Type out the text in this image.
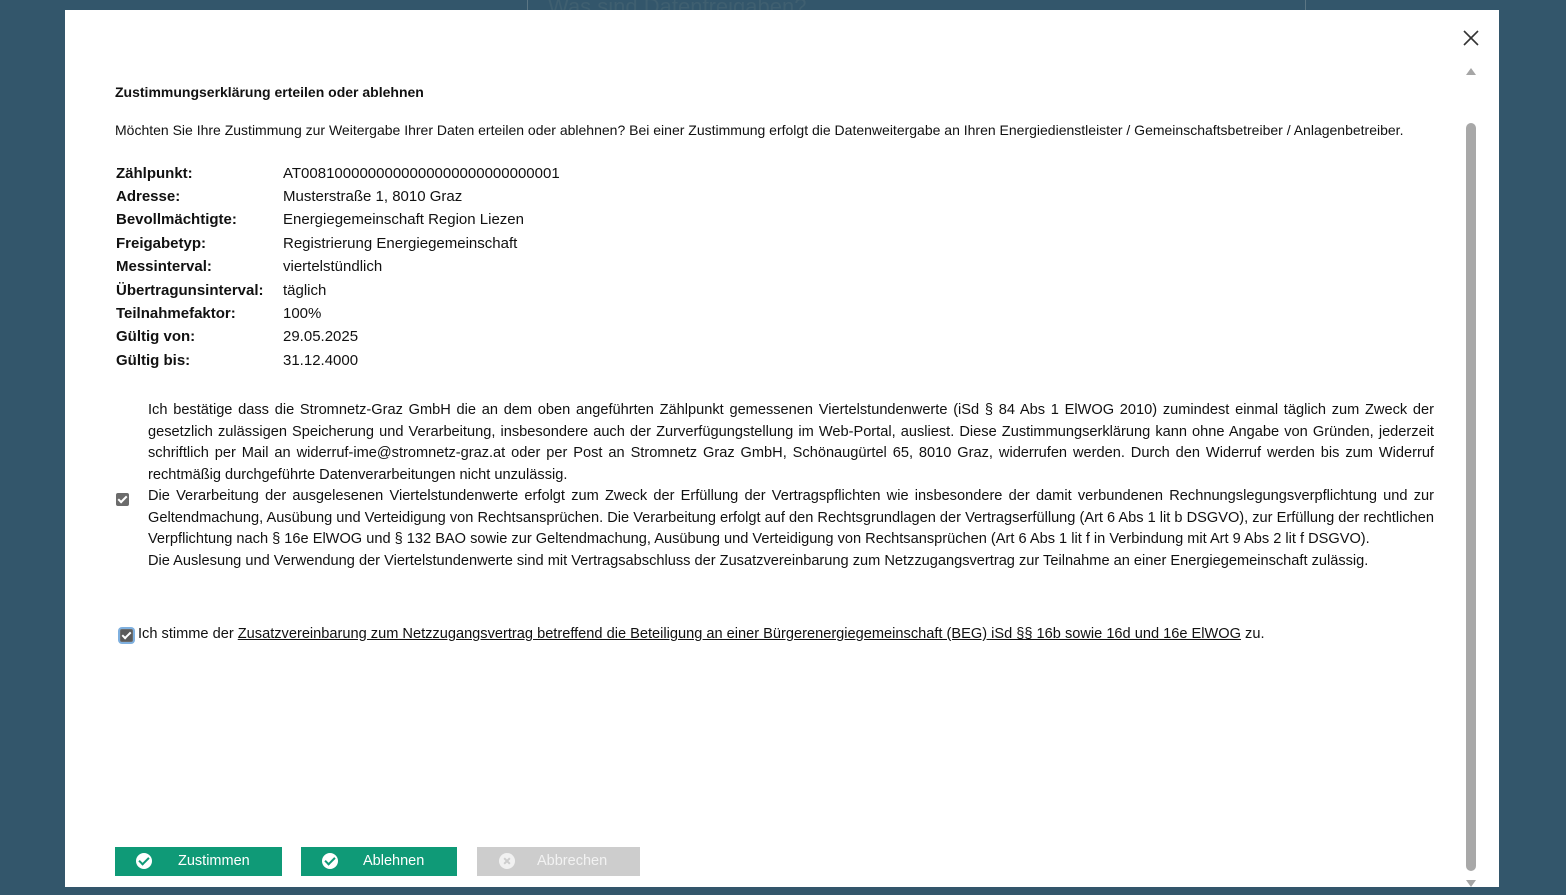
Zustimmungserklärung erteilen oder ablehnen
Möchten Sie Ihre Zustimmung zur Weitergabe Ihrer Daten erteilen oder ablehnen? Bei einer Zustimmung erfolgt die Datenweitergabe an Ihren Energiedienstleister / Gemeinschaftsbetreiber / Anlagenbetreiber.
Zählpunkt:	AT0081000000000000000000000000001
Adresse:	Musterstraße 1, 8010 Graz
Bevollmächtigte:	Energiegemeinschaft Region Liezen
Freigabetyp:	Registrierung Energiegemeinschaft
Messinterval:	viertelstündlich
Übertragunsinterval:	täglich
Teilnahmefaktor:	100%
Gültig von:	29.05.2025
Gültig bis:	31.12.4000

Ich bestätige dass die Stromnetz-Graz GmbH die an dem oben angeführten Zählpunkt gemessenen Viertelstundenwerte (iSd § 84 Abs 1 ElWOG 2010) zumindest einmal täglich zum Zweck der gesetzlich zulässigen Speicherung und Verarbeitung, insbesondere auch der Zurverfügungstellung im Web-Portal, ausliest. Diese Zustimmungserklärung kann ohne Angabe von Gründen, jederzeit schriftlich per Mail an widerruf-ime@stromnetz-graz.at oder per Post an Stromnetz Graz GmbH, Schönaugürtel 65, 8010 Graz, widerrufen werden. Durch den Widerruf werden bis zum Widerruf rechtmäßig durchgeführte Datenverarbeitungen nicht unzulässig.

Die Verarbeitung der ausgelesenen Viertelstundenwerte erfolgt zum Zweck der Erfüllung der Vertragspflichten wie insbesondere der damit verbundenen Rechnungslegungsverpflichtung und zur Geltendmachung, Ausübung und Verteidigung von Rechtsansprüchen. Die Verarbeitung erfolgt auf den Rechtsgrundlagen der Vertragserfüllung (Art 6 Abs 1 lit b DSGVO), zur Erfüllung der rechtlichen Verpflichtung nach § 16e ElWOG und § 132 BAO sowie zur Geltendmachung, Ausübung und Verteidigung von Rechtsansprüchen (Art 6 Abs 1 lit f in Verbindung mit Art 9 Abs 2 lit f DSGVO).

Die Auslesung und Verwendung der Viertelstundenwerte sind mit Vertragsabschluss der Zusatzvereinbarung zum Netzzugangsvertrag zur Teilnahme an einer Energiegemeinschaft zulässig.

Ich stimme der Zusatzvereinbarung zum Netzzugangsvertrag betreffend die Beteiligung an einer Bürgerenergiegemeinschaft (BEG) iSd §§ 16b sowie 16d und 16e ElWOG zu.
Zustimmen	Ablehnen	Abbrechen
